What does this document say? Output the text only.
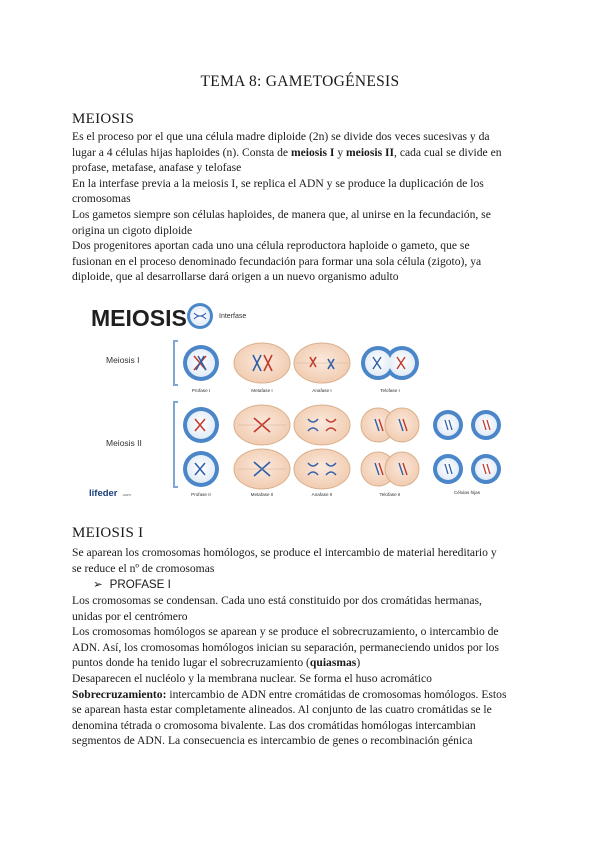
TEMA 8: GAMETOGÉNESIS
MEIOSIS
Es el proceso por el que una célula madre diploide (2n) se divide dos veces sucesivas y da
lugar a 4 células hijas haploides (n). Consta de meiosis I y meiosis II, cada cual se divide en
profase, metafase, anafase y telofase
En la interfase previa a la meiosis I, se replica el ADN y se produce la duplicación de los
cromosomas
Los gametos siempre son células haploides, de manera que, al unirse en la fecundación, se
origina un cigoto diploide
Dos progenitores aportan cada uno una célula reproductora haploide o gameto, que se
fusionan en el proceso denominado fecundación para formar una sola célula (zigoto), ya
diploide, que al desarrollarse dará origen a un nuevo organismo adulto
MEIOSIS	Interfase
Meiosis I
Profase I	Metafase I	Anafase I	Telofase I
Meiosis II
Profase II	Metafase II	Anafase II	Telofase II	Células hijas
lifeder .com
MEIOSIS I
Se aparean los cromosomas homólogos, se produce el intercambio de material hereditario y
se reduce el nº de cromosomas
➢ PROFASE I
Los cromosomas se condensan. Cada uno está constituido por dos cromátidas hermanas,
unidas por el centrómero
Los cromosomas homólogos se aparean y se produce el sobrecruzamiento, o intercambio de
ADN. Así, los cromosomas homólogos inician su separación, permaneciendo unidos por los
puntos donde ha tenido lugar el sobrecruzamiento (quiasmas)
Desaparecen el nucléolo y la membrana nuclear. Se forma el huso acromático
Sobrecruzamiento: intercambio de ADN entre cromátidas de cromosomas homólogos. Estos
se aparean hasta estar completamente alineados. Al conjunto de las cuatro cromátidas se le
denomina tétrada o cromosoma bivalente. Las dos cromátidas homólogas intercambian
segmentos de ADN. La consecuencia es intercambio de genes o recombinación génica
